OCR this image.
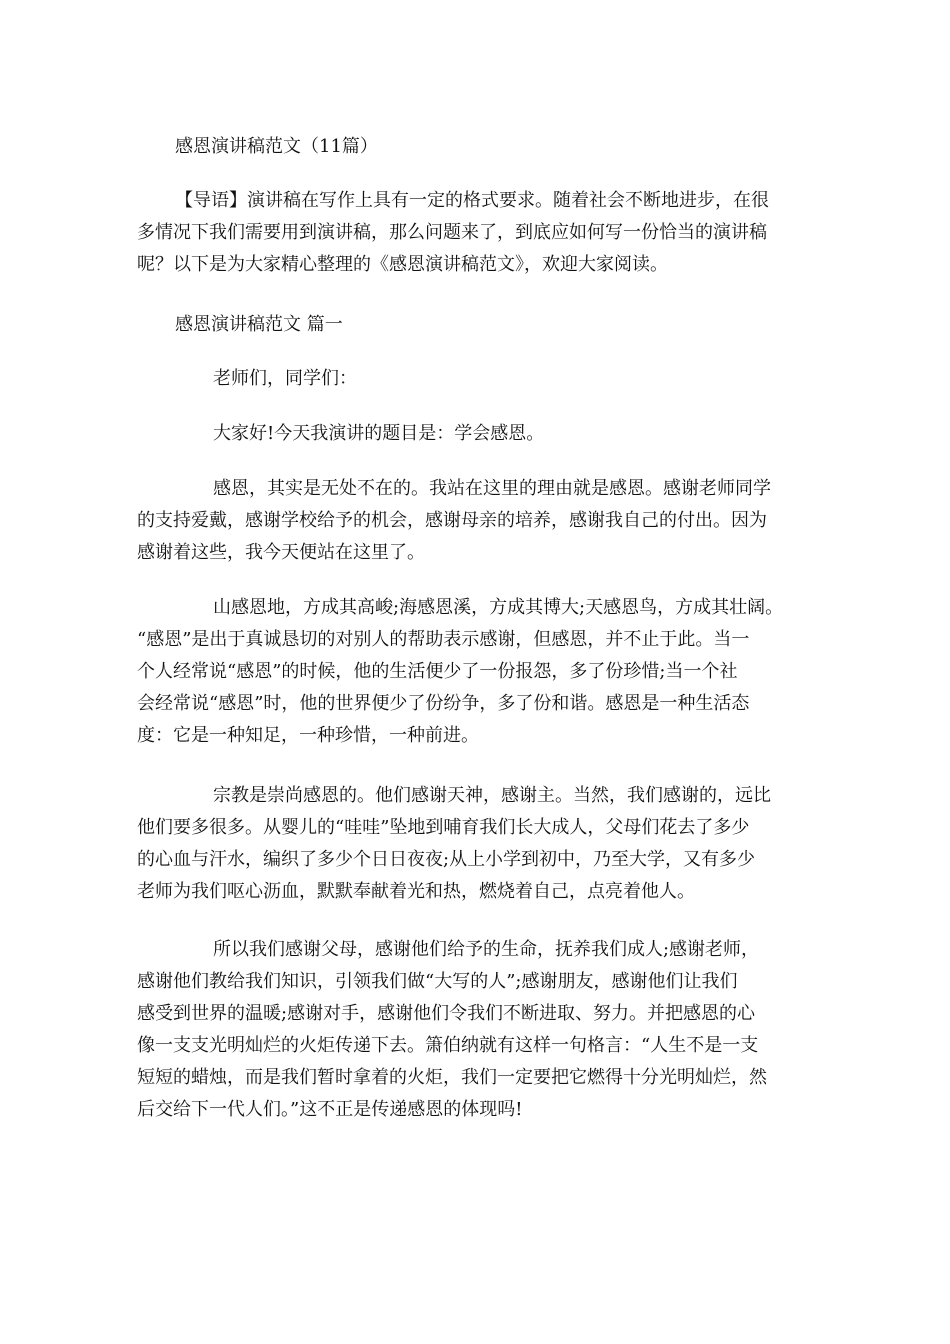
感恩演讲稿范文（11篇）
【导语】演讲稿在写作上具有一定的格式要求。随着社会不断地进步，在很
多情况下我们需要用到演讲稿，那么问题来了，到底应如何写一份恰当的演讲稿
呢？以下是为大家精心整理的《感恩演讲稿范文》，欢迎大家阅读。
感恩演讲稿范文 篇一
老师们，同学们：
大家好!今天我演讲的题目是：学会感恩。
感恩，其实是无处不在的。我站在这里的理由就是感恩。感谢老师同学
的支持爱戴，感谢学校给予的机会，感谢母亲的培养，感谢我自己的付出。因为
感谢着这些，我今天便站在这里了。
山感恩地，方成其高峻;海感恩溪，方成其博大;天感恩鸟，方成其壮阔。
“感恩”是出于真诚恳切的对别人的帮助表示感谢，但感恩，并不止于此。当一
个人经常说“感恩”的时候，他的生活便少了一份报怨，多了份珍惜;当一个社
会经常说“感恩”时，他的世界便少了份纷争，多了份和谐。感恩是一种生活态
度：它是一种知足，一种珍惜，一种前进。
宗教是崇尚感恩的。他们感谢天神，感谢主。当然，我们感谢的，远比
他们要多很多。从婴儿的“哇哇”坠地到哺育我们长大成人，父母们花去了多少
的心血与汗水，编织了多少个日日夜夜;从上小学到初中，乃至大学，又有多少
老师为我们呕心沥血，默默奉献着光和热，燃烧着自己，点亮着他人。
所以我们感谢父母，感谢他们给予的生命，抚养我们成人;感谢老师，
感谢他们教给我们知识，引领我们做“大写的人”;感谢朋友，感谢他们让我们
感受到世界的温暖;感谢对手，感谢他们令我们不断进取、努力。并把感恩的心
像一支支光明灿烂的火炬传递下去。箫伯纳就有这样一句格言：“人生不是一支
短短的蜡烛，而是我们暂时拿着的火炬，我们一定要把它燃得十分光明灿烂，然
后交给下一代人们。”这不正是传递感恩的体现吗!
